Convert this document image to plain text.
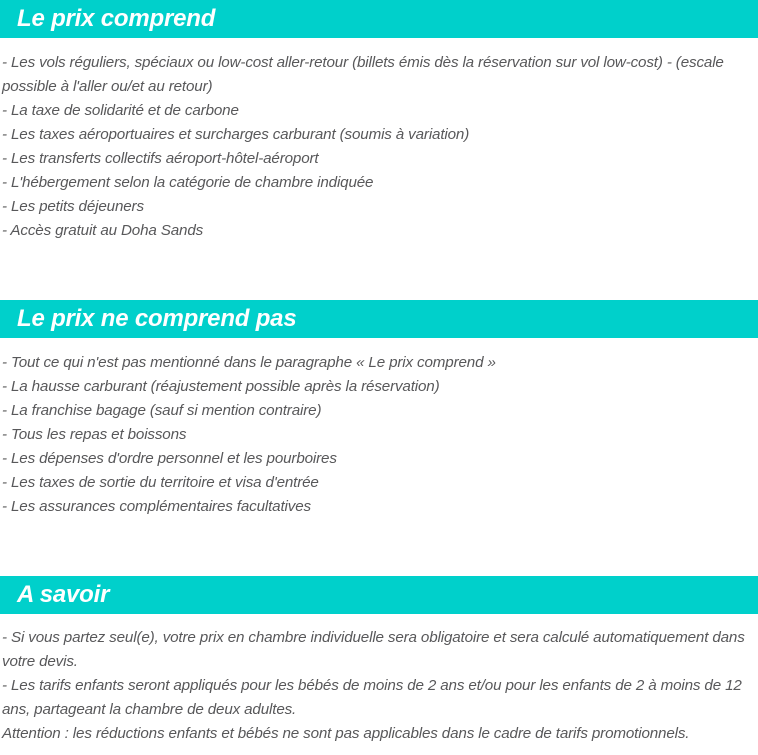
Le prix comprend

- Les vols réguliers, spéciaux ou low-cost aller-retour (billets émis dès la réservation sur vol low-cost) - (escale possible à l'aller ou/et au retour)

- La taxe de solidarité et de carbone

- Les taxes aéroportuaires et surcharges carburant (soumis à variation)

- Les transferts collectifs aéroport-hôtel-aéroport

- L'hébergement selon la catégorie de chambre indiquée

- Les petits déjeuners

- Accès gratuit au Doha Sands

Le prix ne comprend pas

- Tout ce qui n'est pas mentionné dans le paragraphe « Le prix comprend »

- La hausse carburant (réajustement possible après la réservation)

- La franchise bagage (sauf si mention contraire)

- Tous les repas et boissons

- Les dépenses d'ordre personnel et les pourboires

- Les taxes de sortie du territoire et visa d'entrée

- Les assurances complémentaires facultatives

A savoir

- Si vous partez seul(e), votre prix en chambre individuelle sera obligatoire et sera calculé automatiquement dans votre devis.

- Les tarifs enfants seront appliqués pour les bébés de moins de 2 ans et/ou pour les enfants de 2 à moins de 12 ans, partageant la chambre de deux adultes.

Attention : les réductions enfants et bébés ne sont pas applicables dans le cadre de tarifs promotionnels.
